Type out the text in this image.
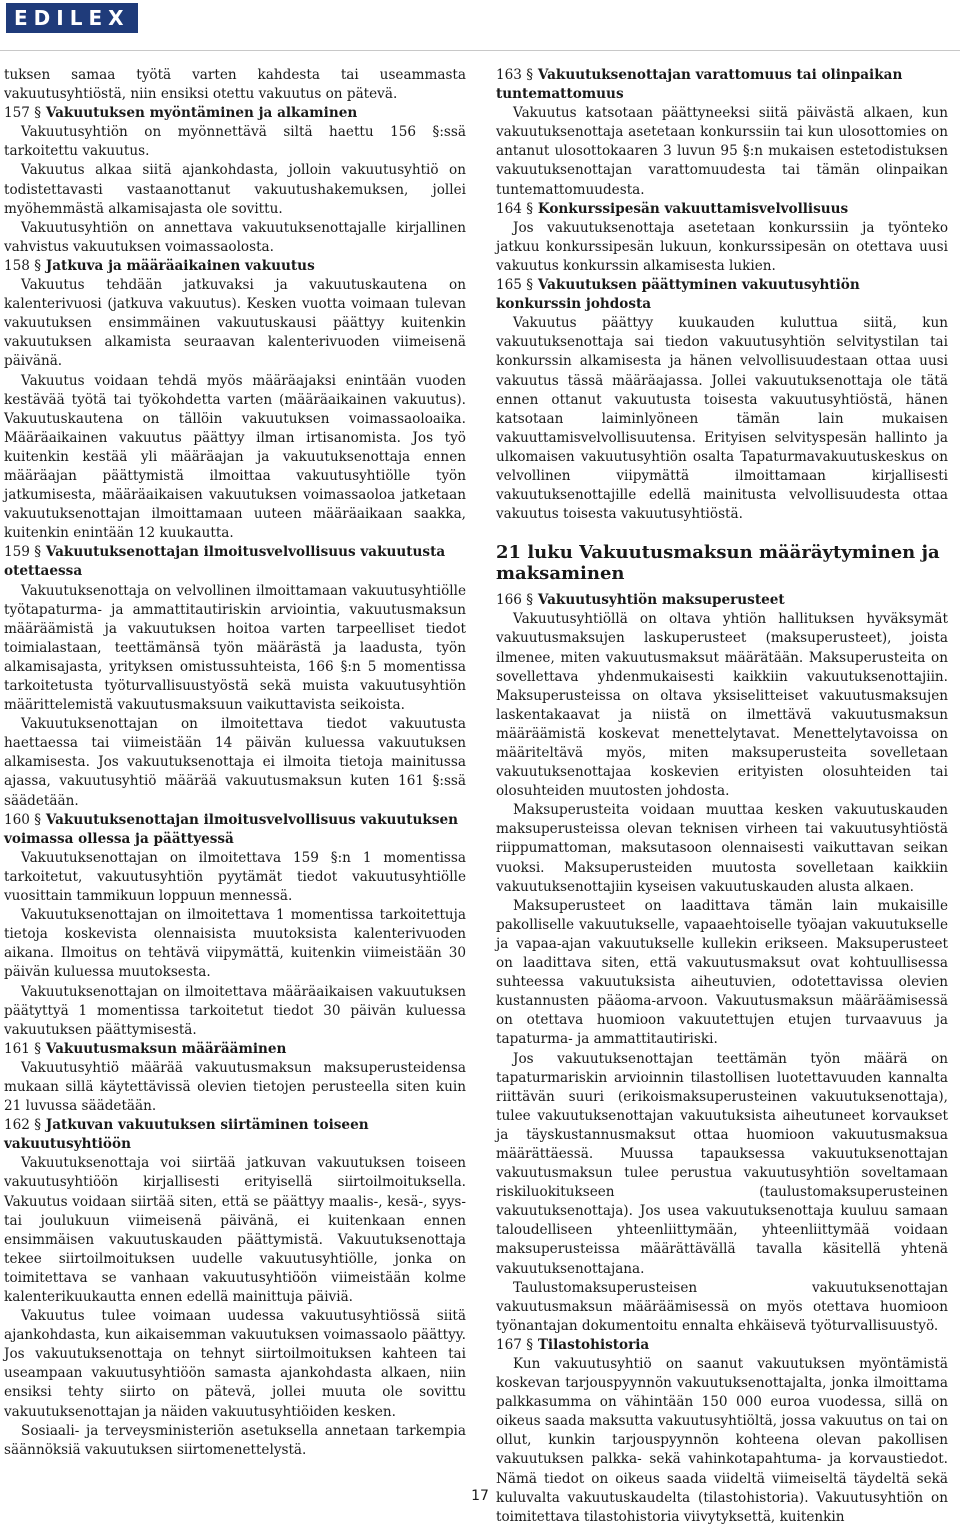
EDILEX

tuksen samaa työtä varten kahdesta tai useammasta vakuutusyhtiöstä, niin ensiksi otettu vakuutus on pätevä.

157 § Vakuutuksen myöntäminen ja alkaminen

Vakuutusyhtiön on myönnettävä siltä haettu 156 §:ssä tarkoitettu vakuutus.

Vakuutus alkaa siitä ajankohdasta, jolloin vakuutusyhtiö on todistettavasti vastaanottanut vakuutushakemuksen, jollei myöhemmästä alkamisajasta ole sovittu.

Vakuutusyhtiön on annettava vakuutuksenottajalle kirjallinen vahvistus vakuutuksen voimassaolosta.

158 § Jatkuva ja määräaikainen vakuutus

Vakuutus tehdään jatkuvaksi ja vakuutuskautena on kalenterivuosi (jatkuva vakuutus). Kesken vuotta voimaan tulevan vakuutuksen ensimmäinen vakuutuskausi päättyy kuitenkin vakuutuksen alkamista seuraavan kalenterivuoden viimeisenä päivänä.

Vakuutus voidaan tehdä myös määräajaksi enintään vuoden kestävää työtä tai työkohdetta varten (määräaikainen vakuutus). Vakuutuskautena on tällöin vakuutuksen voimassaoloaika. Määräaikainen vakuutus päättyy ilman irtisanomista. Jos työ kuitenkin kestää yli määräajan ja vakuutuksenottaja ennen määräajan päättymistä ilmoittaa vakuutusyhtiölle työn jatkumisesta, määräaikaisen vakuutuksen voimassaoloa jatketaan vakuutuksenottajan ilmoittamaan uuteen määräaikaan saakka, kuitenkin enintään 12 kuukautta.

159 § Vakuutuksenottajan ilmoitusvelvollisuus vakuutusta otettaessa

Vakuutuksenottaja on velvollinen ilmoittamaan vakuutusyhtiölle työtapaturma- ja ammattitautiriskin arviointia, vakuutusmaksun määräämistä ja vakuutuksen hoitoa varten tarpeelliset tiedot toimialastaan, teettämänsä työn määrästä ja laadusta, työn alkamisajasta, yrityksen omistussuhteista, 166 §:n 5 momentissa tarkoitetusta työturvallisuustyöstä sekä muista vakuutusyhtiön määrittelemistä vakuutusmaksuun vaikuttavista seikoista.

Vakuutuksenottajan on ilmoitettava tiedot vakuutusta haettaessa tai viimeistään 14 päivän kuluessa vakuutuksen alkamisesta. Jos vakuutuksenottaja ei ilmoita tietoja mainitussa ajassa, vakuutusyhtiö määrää vakuutusmaksun kuten 161 §:ssä säädetään.

160 § Vakuutuksenottajan ilmoitusvelvollisuus vakuutuksen voimassa ollessa ja päättyessä

Vakuutuksenottajan on ilmoitettava 159 §:n 1 momentissa tarkoitetut, vakuutusyhtiön pyytämät tiedot vakuutusyhtiölle vuosittain tammikuun loppuun mennessä.

Vakuutuksenottajan on ilmoitettava 1 momentissa tarkoitettuja tietoja koskevista olennaisista muutoksista kalenterivuoden aikana. Ilmoitus on tehtävä viipymättä, kuitenkin viimeistään 30 päivän kuluessa muutoksesta.

Vakuutuksenottajan on ilmoitettava määräaikaisen vakuutuksen päätyttyä 1 momentissa tarkoitetut tiedot 30 päivän kuluessa vakuutuksen päättymisestä.

161 § Vakuutusmaksun määrääminen

Vakuutusyhtiö määrää vakuutusmaksun maksuperusteidensa mukaan sillä käytettävissä olevien tietojen perusteella siten kuin 21 luvussa säädetään.

162 § Jatkuvan vakuutuksen siirtäminen toiseen vakuutusyhtiöön

Vakuutuksenottaja voi siirtää jatkuvan vakuutuksen toiseen vakuutusyhtiöön kirjallisesti erityisellä siirtoilmoituksella. Vakuutus voidaan siirtää siten, että se päättyy maalis-, kesä-, syys- tai joulukuun viimeisenä päivänä, ei kuitenkaan ennen ensimmäisen vakuutuskauden päättymistä. Vakuutuksenottaja tekee siirtoilmoituksen uudelle vakuutusyhtiölle, jonka on toimitettava se vanhaan vakuutusyhtiöön viimeistään kolme kalenterikuukautta ennen edellä mainittuja päiviä.

Vakuutus tulee voimaan uudessa vakuutusyhtiössä siitä ajankohdasta, kun aikaisemman vakuutuksen voimassaolo päättyy. Jos vakuutuksenottaja on tehnyt siirtoilmoituksen kahteen tai useampaan vakuutusyhtiöön samasta ajankohdasta alkaen, niin ensiksi tehty siirto on pätevä, jollei muuta ole sovittu vakuutuksenottajan ja näiden vakuutusyhtiöiden kesken.

Sosiaali- ja terveysministeriön asetuksella annetaan tarkempia säännöksiä vakuutuksen siirtomenettelystä.

163 § Vakuutuksenottajan varattomuus tai olinpaikan tuntemattomuus

Vakuutus katsotaan päättyneeksi siitä päivästä alkaen, kun vakuutuksenottaja asetetaan konkurssiin tai kun ulosottomies on antanut ulosottokaaren 3 luvun 95 §:n mukaisen estetodistuksen vakuutuksenottajan varattomuudesta tai tämän olinpaikan tuntemattomuudesta.

164 § Konkurssipesän vakuuttamisvelvollisuus

Jos vakuutuksenottaja asetetaan konkurssiin ja työnteko jatkuu konkurssipesän lukuun, konkurssipesän on otettava uusi vakuutus konkurssin alkamisesta lukien.

165 § Vakuutuksen päättyminen vakuutusyhtiön konkurssin johdosta

Vakuutus päättyy kuukauden kuluttua siitä, kun vakuutuksenottaja sai tiedon vakuutusyhtiön selvitystilan tai konkurssin alkamisesta ja hänen velvollisuudestaan ottaa uusi vakuutus tässä määräajassa. Jollei vakuutuksenottaja ole tätä ennen ottanut vakuutusta toisesta vakuutusyhtiöstä, hänen katsotaan laiminlyöneen tämän lain mukaisen vakuuttamisvelvollisuutensa. Erityisen selvityspesän hallinto ja ulkomaisen vakuutusyhtiön osalta Tapaturmavakuutuskeskus on velvollinen viipymättä ilmoittamaan kirjallisesti vakuutuksenottajille edellä mainitusta velvollisuudesta ottaa vakuutus toisesta vakuutusyhtiöstä.

21 luku Vakuutusmaksun määräytyminen ja maksaminen
166 § Vakuutusyhtiön maksuperusteet

Vakuutusyhtiöllä on oltava yhtiön hallituksen hyväksymät vakuutusmaksujen laskuperusteet (maksuperusteet), joista ilmenee, miten vakuutusmaksut määrätään. Maksuperusteita on sovellettava yhdenmukaisesti kaikkiin vakuutuksenottajiin. Maksuperusteissa on oltava yksiselitteiset vakuutusmaksujen laskentakaavat ja niistä on ilmettävä vakuutusmaksun määräämistä koskevat menettelytavat. Menettelytavoissa on määriteltävä myös, miten maksuperusteita sovelletaan vakuutuksenottajaa koskevien erityisten olosuhteiden tai olosuhteiden muutosten johdosta.

Maksuperusteita voidaan muuttaa kesken vakuutuskauden maksuperusteissa olevan teknisen virheen tai vakuutusyhtiöstä riippumattoman, maksutasoon olennaisesti vaikuttavan seikan vuoksi. Maksuperusteiden muutosta sovelletaan kaikkiin vakuutuksenottajiin kyseisen vakuutuskauden alusta alkaen.

Maksuperusteet on laadittava tämän lain mukaisille pakolliselle vakuutukselle, vapaaehtoiselle työajan vakuutukselle ja vapaa-ajan vakuutukselle kullekin erikseen. Maksuperusteet on laadittava siten, että vakuutusmaksut ovat kohtuullisessa suhteessa vakuutuksista aiheutuvien, odotettavissa olevien kustannusten pääoma-arvoon. Vakuutusmaksun määräämisessä on otettava huomioon vakuutettujen etujen turvaavuus ja tapaturma- ja ammattitautiriski.

Jos vakuutuksenottajan teettämän työn määrä on tapaturmariskin arvioinnin tilastollisen luotettavuuden kannalta riittävän suuri (erikoismaksuperusteinen vakuutuksenottaja), tulee vakuutuksenottajan vakuutuksista aiheutuneet korvaukset ja täyskustannusmaksut ottaa huomioon vakuutusmaksua määrättäessä. Muussa tapauksessa vakuutuksenottajan vakuutusmaksun tulee perustua vakuutusyhtiön soveltamaan riskiluokitukseen (taulustomaksuperusteinen vakuutuksenottaja). Jos usea vakuutuksenottaja kuuluu samaan taloudelliseen yhteenliittymään, yhteenliittymää voidaan maksuperusteissa määrättävällä tavalla käsitellä yhtenä vakuutuksenottajana.

Taulustomaksuperusteisen vakuutuksenottajan vakuutusmaksun määräämisessä on myös otettava huomioon työnantajan dokumentoitu ennalta ehkäisevä työturvallisuustyö.

167 § Tilastohistoria

Kun vakuutusyhtiö on saanut vakuutuksen myöntämistä koskevan tarjouspyynnön vakuutuksenottajalta, jonka ilmoittama palkkasumma on vähintään 150 000 euroa vuodessa, sillä on oikeus saada maksutta vakuutusyhtiöltä, jossa vakuutus on tai on ollut, kunkin tarjouspyynnön kohteena olevan pakollisen vakuutuksen palkka- sekä vahinkotapahtuma- ja korvaustiedot. Nämä tiedot on oikeus saada viideltä viimeiseltä täydeltä sekä kuluvalta vakuutuskaudelta (tilastohistoria). Vakuutusyhtiön on toimitettava tilastohistoria viivytyksettä, kuitenkin

17
